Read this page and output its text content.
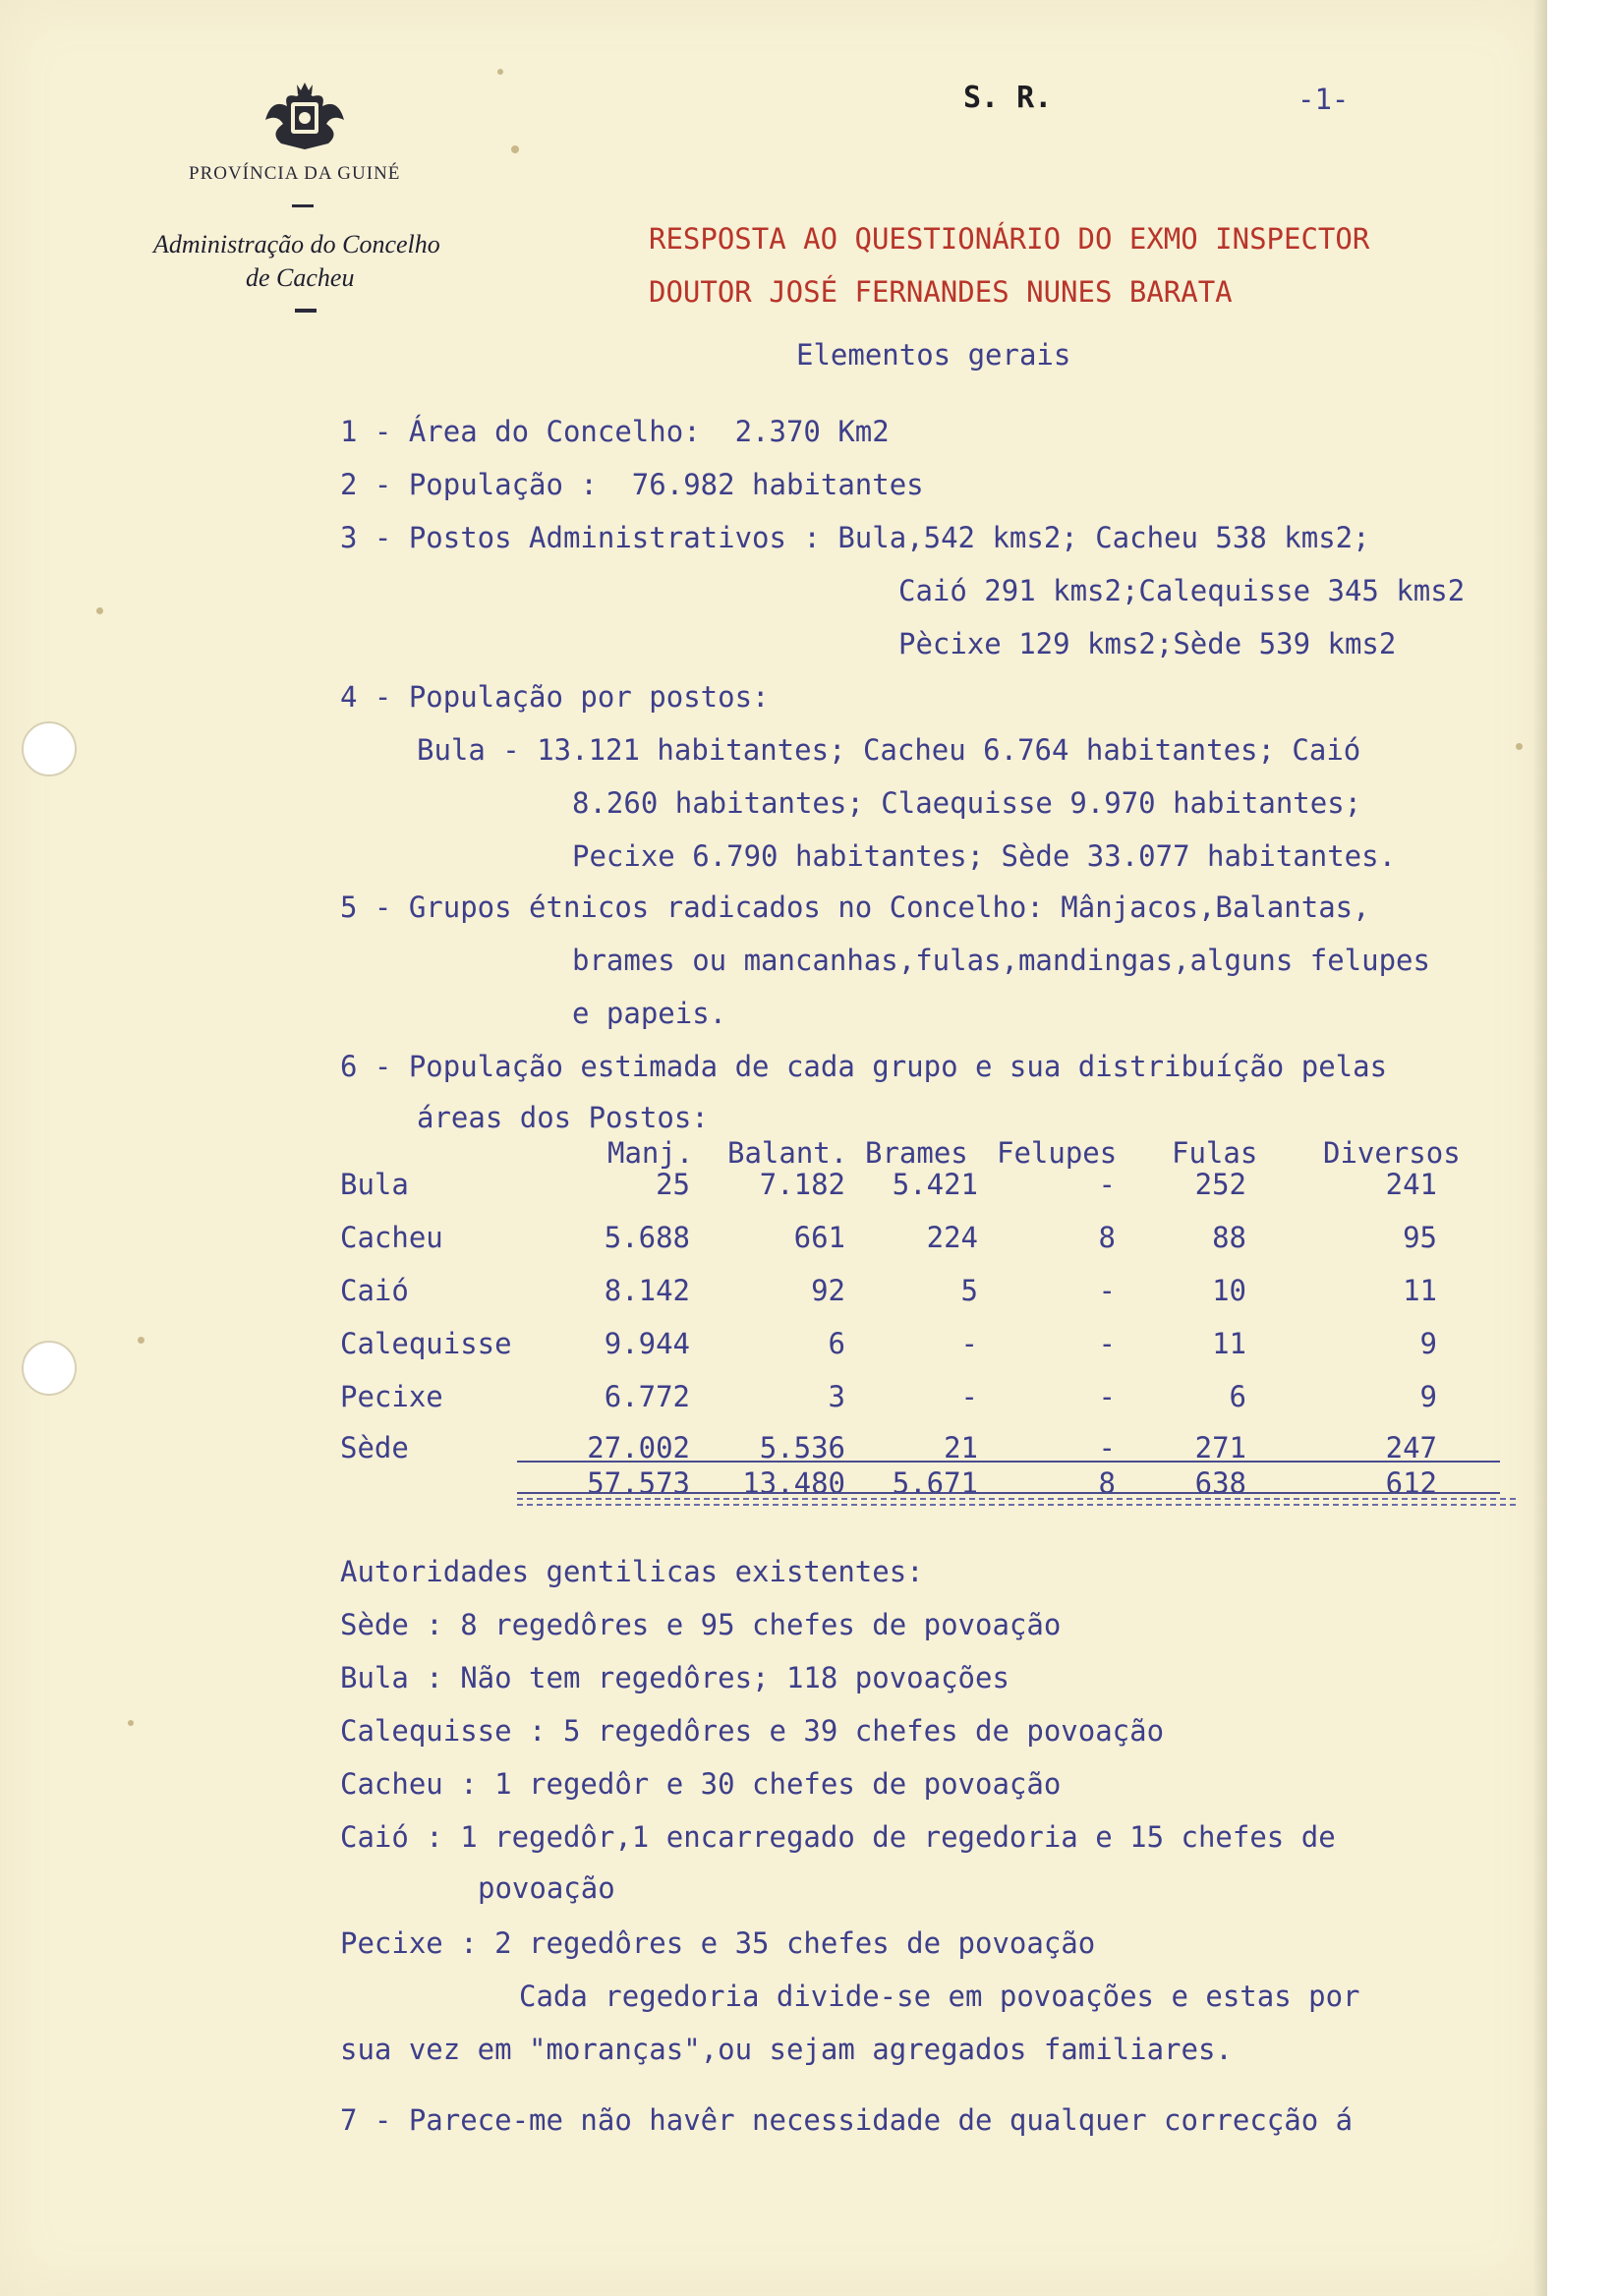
PROVÍNCIA DA GUINÉ
Administração do Concelho
de Cacheu
S. R.	-1-
RESPOSTA AO QUESTIONÁRIO DO EXMO INSPECTOR
DOUTOR JOSÉ FERNANDES NUNES BARATA
Elementos gerais
1 - Área do Concelho:  2.370 Km2
2 - População :  76.982 habitantes
3 - Postos Administrativos : Bula,542 kms2; Cacheu 538 kms2;
Caió 291 kms2;Calequisse 345 kms2
Pècixe 129 kms2;Sède 539 kms2
4 - População por postos:
Bula - 13.121 habitantes; Cacheu 6.764 habitantes; Caió
8.260 habitantes; Claequisse 9.970 habitantes;
Pecixe 6.790 habitantes; Sède 33.077 habitantes.
5 - Grupos étnicos radicados no Concelho: Mânjacos,Balantas,
brames ou mancanhas,fulas,mandingas,alguns felupes
e papeis.
6 - População estimada de cada grupo e sua distribuíção pelas
áreas dos Postos:
Manj. Balant. Brames Felupes Fulas Diversos
Bula	25	7.182	5.421	-	252	241
Cacheu	5.688	661	224	8	88	95
Caió	8.142	92	5	-	10	11
Calequisse	9.944	6	-	-	11	9
Pecixe	6.772	3	-	-	6	9
Sède	27.002	5.536	21	-	271	247
57.573	13.480	5.671	8	638	612
Autoridades gentilicas existentes:
Sède : 8 regedôres e 95 chefes de povoação
Bula : Não tem regedôres; 118 povoações
Calequisse : 5 regedôres e 39 chefes de povoação
Cacheu : 1 regedôr e 30 chefes de povoação
Caió : 1 regedôr,1 encarregado de regedoria e 15 chefes de
povoação
Pecixe : 2 regedôres e 35 chefes de povoação
Cada regedoria divide-se em povoações e estas por
sua vez em "moranças",ou sejam agregados familiares.
7 - Parece-me não havêr necessidade de qualquer correcção á
